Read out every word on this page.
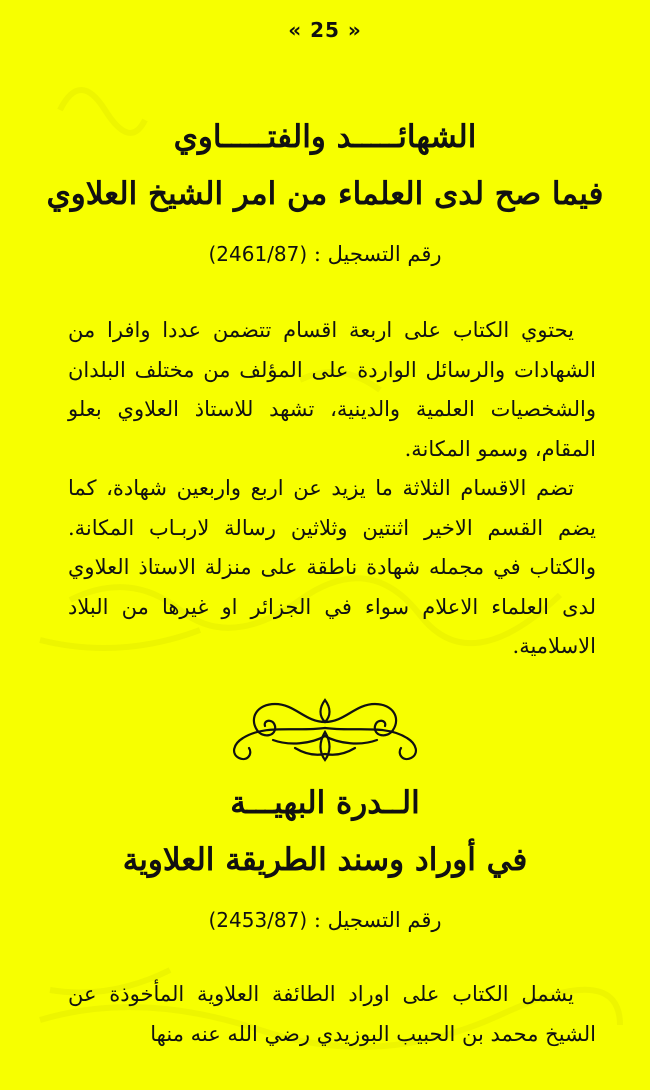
« 25 »
الشهائـــــد والفتـــــاوي
فيما صح لدى العلماء من امر الشيخ العلاوي
رقم التسجيل : (2461/87)

يحتوي الكتاب على اربعة اقسام تتضمن عددا وافرا من الشهادات والرسائل الواردة على المؤلف من مختلف البلدان والشخصيات العلمية والدينية، تشهد للاستاذ العلاوي بعلو المقام، وسمو المكانة.

تضم الاقسام الثلاثة ما يزيد عن اربع واربعين شهادة، كما يضم القسم الاخير اثنتين وثلاثين رسالة لاربـاب المكانة. والكتاب في مجمله شهادة ناطقة على منزلة الاستاذ العلاوي لدى العلماء الاعلام سواء في الجزائر او غيرها من البلاد الاسلامية.

الــدرة البهيـــة
في أوراد وسند الطريقة العلاوية
رقم التسجيل : (2453/87)

يشمل الكتاب على اوراد الطائفة العلاوية المأخوذة عن الشيخ محمد بن الحبيب البوزيدي رضي الله عنه منها
